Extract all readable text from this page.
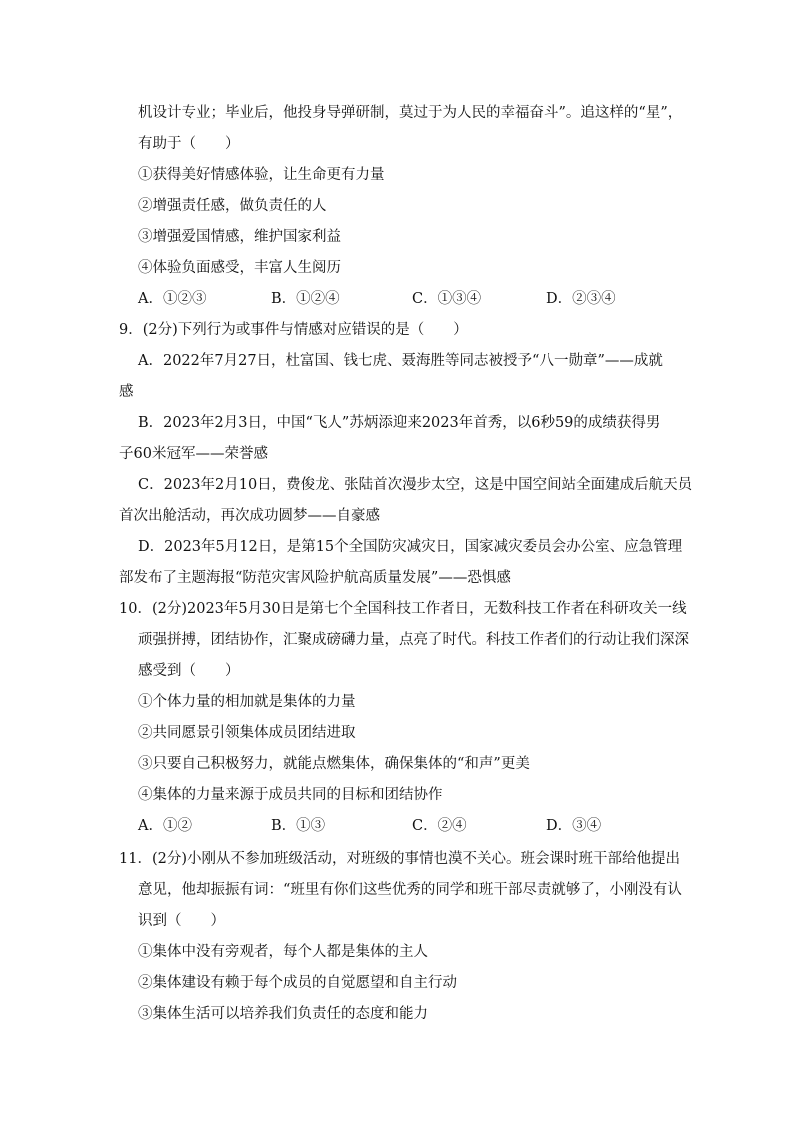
机设计专业；毕业后，他投身导弹研制，莫过于为人民的幸福奋斗”。追这样的“星”，
有助于（　　）
①获得美好情感体验，让生命更有力量
②增强责任感，做负责任的人
③增强爱国情感，维护国家利益
④体验负面感受，丰富人生阅历
A．①②③	B．①②④	C．①③④	D．②③④
9．(2分)下列行为或事件与情感对应错误的是（　　）
A．2022年7月27日，杜富国、钱七虎、聂海胜等同志被授予“八一勋章”——成就
感
B．2023年2月3日，中国“飞人”苏炳添迎来2023年首秀，以6秒59的成绩获得男
子60米冠军——荣誉感
C．2023年2月10日，费俊龙、张陆首次漫步太空，这是中国空间站全面建成后航天员
首次出舱活动，再次成功圆梦——自豪感
D．2023年5月12日，是第15个全国防灾减灾日，国家减灾委员会办公室、应急管理
部发布了主题海报“防范灾害风险护航高质量发展”——恐惧感
10．(2分)2023年5月30日是第七个全国科技工作者日，无数科技工作者在科研攻关一线
顽强拼搏，团结协作，汇聚成磅礴力量，点亮了时代。科技工作者们的行动让我们深深
感受到（　　）
①个体力量的相加就是集体的力量
②共同愿景引领集体成员团结进取
③只要自己积极努力，就能点燃集体，确保集体的“和声”更美
④集体的力量来源于成员共同的目标和团结协作
A．①②	B．①③	C．②④	D．③④
11．(2分)小刚从不参加班级活动，对班级的事情也漠不关心。班会课时班干部给他提出
意见，他却振振有词：“班里有你们这些优秀的同学和班干部尽责就够了，小刚没有认
识到（　　）
①集体中没有旁观者，每个人都是集体的主人
②集体建设有赖于每个成员的自觉愿望和自主行动
③集体生活可以培养我们负责任的态度和能力
